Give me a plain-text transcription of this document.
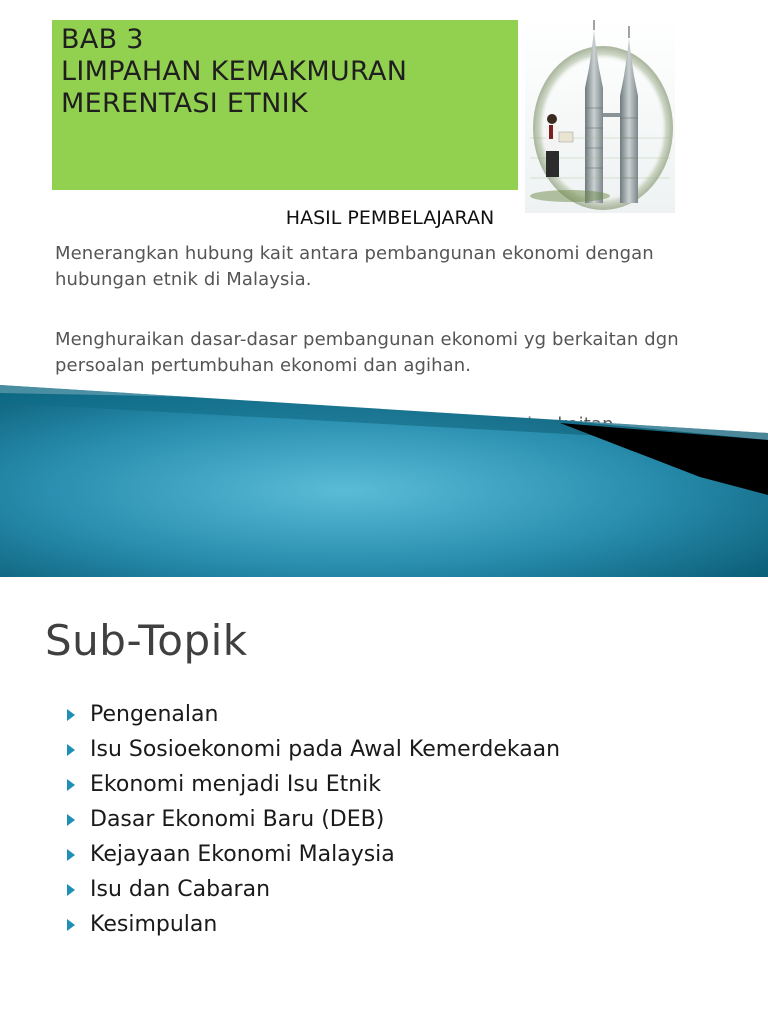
BAB 3
LIMPAHAN KEMAKMURAN
MERENTASI ETNIK
HASIL PEMBELAJARAN
Menerangkan hubung kait antara pembangunan ekonomi dengan hubungan etnik di Malaysia.
Menghuraikan dasar-dasar pembangunan ekonomi yg berkaitan dgn persoalan pertumbuhan ekonomi dan agihan.
Sub-Topik
Pengenalan
Isu Sosioekonomi pada Awal Kemerdekaan
Ekonomi menjadi Isu Etnik
Dasar Ekonomi Baru (DEB)
Kejayaan Ekonomi Malaysia
Isu dan Cabaran
Kesimpulan
